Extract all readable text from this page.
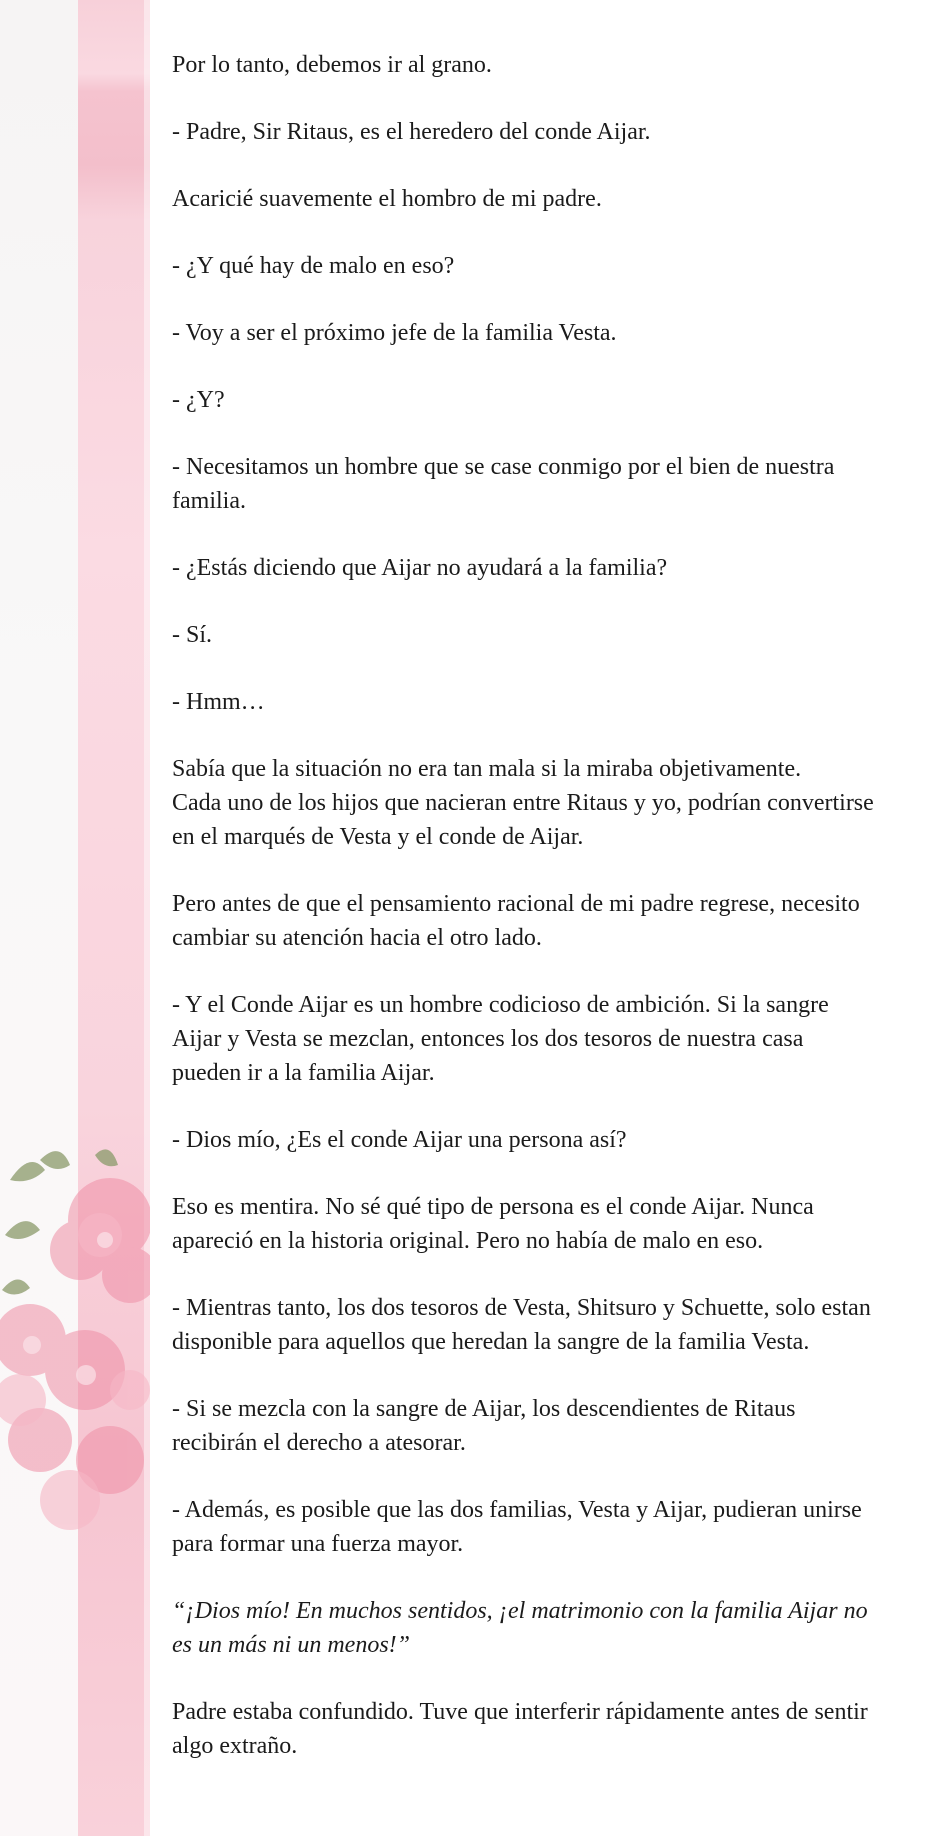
Por lo tanto, debemos ir al grano.

- Padre, Sir Ritaus, es el heredero del conde Aijar.

Acaricié suavemente el hombro de mi padre.

- ¿Y qué hay de malo en eso?

- Voy a ser el próximo jefe de la familia Vesta.

- ¿Y?

- Necesitamos un hombre que se case conmigo por el bien de nuestra
familia.

- ¿Estás diciendo que Aijar no ayudará a la familia?

- Sí.

- Hmm…

Sabía que la situación no era tan mala si la miraba objetivamente.
Cada uno de los hijos que nacieran entre Ritaus y yo, podrían convertirse
en el marqués de Vesta y el conde de Aijar.

Pero antes de que el pensamiento racional de mi padre regrese, necesito
cambiar su atención hacia el otro lado.

- Y el Conde Aijar es un hombre codicioso de ambición. Si la sangre
Aijar y Vesta se mezclan, entonces los dos tesoros de nuestra casa
pueden ir a la familia Aijar.

- Dios mío, ¿Es el conde Aijar una persona así?

Eso es mentira. No sé qué tipo de persona es el conde Aijar. Nunca
apareció en la historia original. Pero no había de malo en eso.

- Mientras tanto, los dos tesoros de Vesta, Shitsuro y Schuette, solo estan
disponible para aquellos que heredan la sangre de la familia Vesta.

- Si se mezcla con la sangre de Aijar, los descendientes de Ritaus
recibirán el derecho a atesorar.

- Además, es posible que las dos familias, Vesta y Aijar, pudieran unirse
para formar una fuerza mayor.

“¡Dios mío! En muchos sentidos, ¡el matrimonio con la familia Aijar no
es un más ni un menos!”

Padre estaba confundido. Tuve que interferir rápidamente antes de sentir
algo extraño.
